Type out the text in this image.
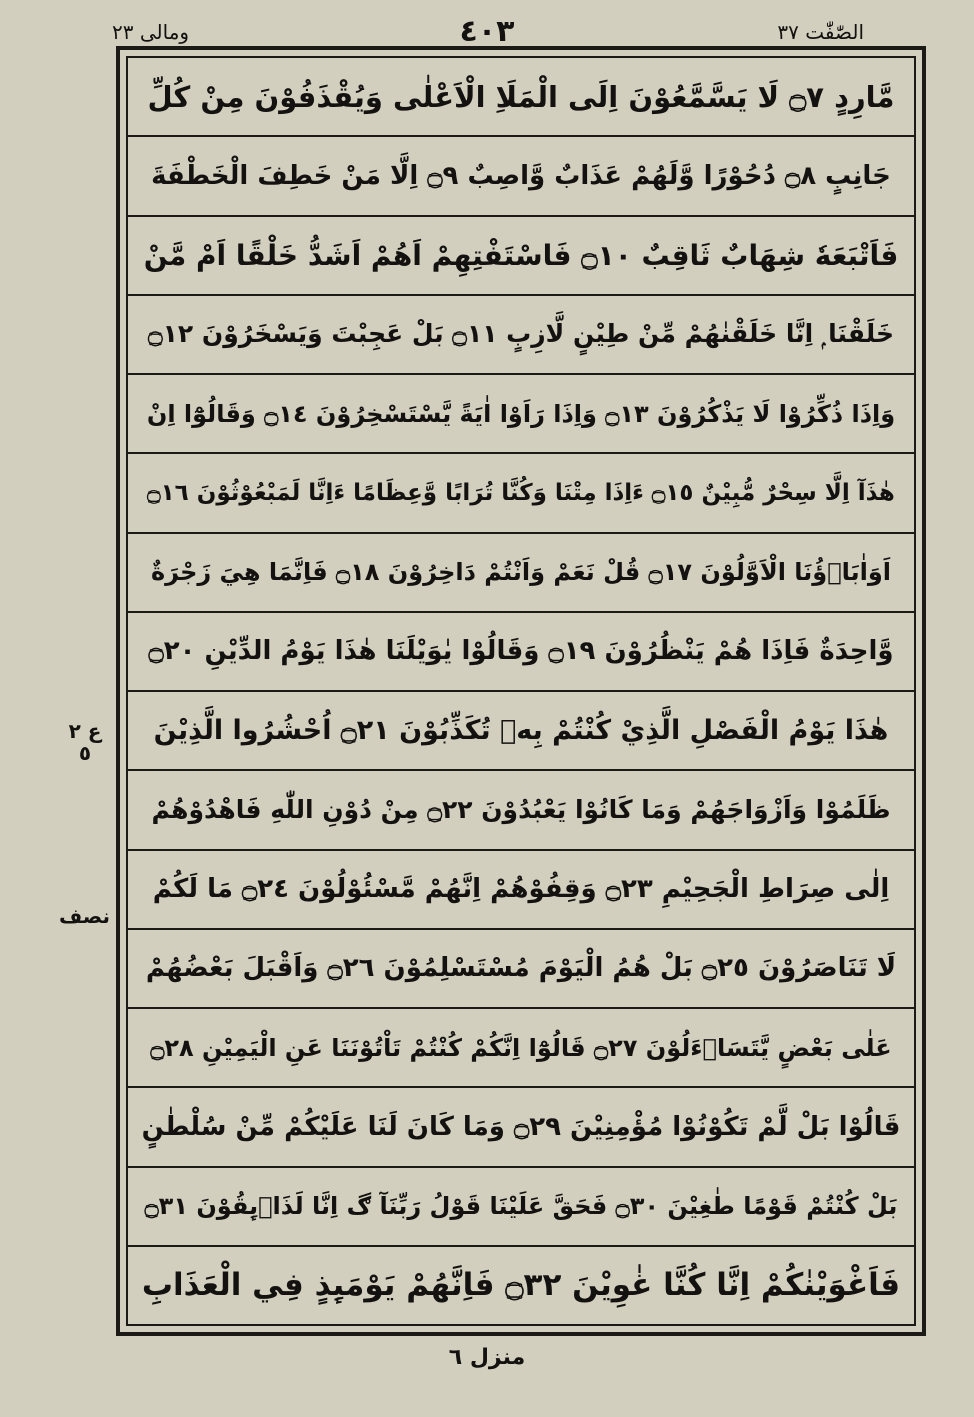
ومالی ٢٣	٤٠٣	الصّٰفّٰت ٣٧
ع ٢ ٥
نصف
مَّارِدٍ ۝٧ لَا يَسَّمَّعُوْنَ اِلَى الْمَلَاِ الْاَعْلٰى وَيُقْذَفُوْنَ مِنْ كُلِّ
جَانِبٍ ۝٨ دُحُوْرًا وَّلَهُمْ عَذَابٌ وَّاصِبٌ ۝٩ اِلَّا مَنْ خَطِفَ الْخَطْفَةَ
فَاَتْبَعَهٗ شِهَابٌ ثَاقِبٌ ۝١٠ فَاسْتَفْتِهِمْ اَهُمْ اَشَدُّ خَلْقًا اَمْ مَّنْ
خَلَقْنَا ۭ اِنَّا خَلَقْنٰهُمْ مِّنْ طِيْنٍ لَّازِبٍ ۝١١ بَلْ عَجِبْتَ وَيَسْخَرُوْنَ ۝١٢
وَاِذَا ذُكِّرُوْا لَا يَذْكُرُوْنَ ۝١٣ وَاِذَا رَاَوْا اٰيَةً يَّسْتَسْخِرُوْنَ ۝١٤ وَقَالُوْٓا اِنْ
هٰذَآ اِلَّا سِحْرٌ مُّبِيْنٌ ۝١٥ ءَاِذَا مِتْنَا وَكُنَّا تُرَابًا وَّعِظَامًا ءَاِنَّا لَمَبْعُوْثُوْنَ ۝١٦
اَوَاٰبَاۗؤُنَا الْاَوَّلُوْنَ ۝١٧ قُلْ نَعَمْ وَاَنْتُمْ دَاخِرُوْنَ ۝١٨ فَاِنَّمَا هِيَ زَجْرَةٌ
وَّاحِدَةٌ فَاِذَا هُمْ يَنْظُرُوْنَ ۝١٩ وَقَالُوْا يٰوَيْلَنَا هٰذَا يَوْمُ الدِّيْنِ ۝٢٠
هٰذَا يَوْمُ الْفَصْلِ الَّذِيْ كُنْتُمْ بِهٖ تُكَذِّبُوْنَ ۝٢١ اُحْشُرُوا الَّذِيْنَ
ظَلَمُوْا وَاَزْوَاجَهُمْ وَمَا كَانُوْا يَعْبُدُوْنَ ۝٢٢ مِنْ دُوْنِ اللّٰهِ فَاهْدُوْهُمْ
اِلٰى صِرَاطِ الْجَحِيْمِ ۝٢٣ وَقِفُوْهُمْ اِنَّهُمْ مَّسْئُوْلُوْنَ ۝٢٤ مَا لَكُمْ
لَا تَنَاصَرُوْنَ ۝٢٥ بَلْ هُمُ الْيَوْمَ مُسْتَسْلِمُوْنَ ۝٢٦ وَاَقْبَلَ بَعْضُهُمْ
عَلٰى بَعْضٍ يَّتَسَاۗءَلُوْنَ ۝٢٧ قَالُوْٓا اِنَّكُمْ كُنْتُمْ تَاْتُوْنَنَا عَنِ الْيَمِيْنِ ۝٢٨
قَالُوْا بَلْ لَّمْ تَكُوْنُوْا مُؤْمِنِيْنَ ۝٢٩ وَمَا كَانَ لَنَا عَلَيْكُمْ مِّنْ سُلْطٰنٍ
بَلْ كُنْتُمْ قَوْمًا طٰغِيْنَ ۝٣٠ فَحَقَّ عَلَيْنَا قَوْلُ رَبِّنَآ ڰ اِنَّا لَذَاۗىِٕقُوْنَ ۝٣١
فَاَغْوَيْنٰكُمْ اِنَّا كُنَّا غٰوِيْنَ ۝٣٢ فَاِنَّهُمْ يَوْمَىِٕذٍ فِي الْعَذَابِ
منزل ٦
